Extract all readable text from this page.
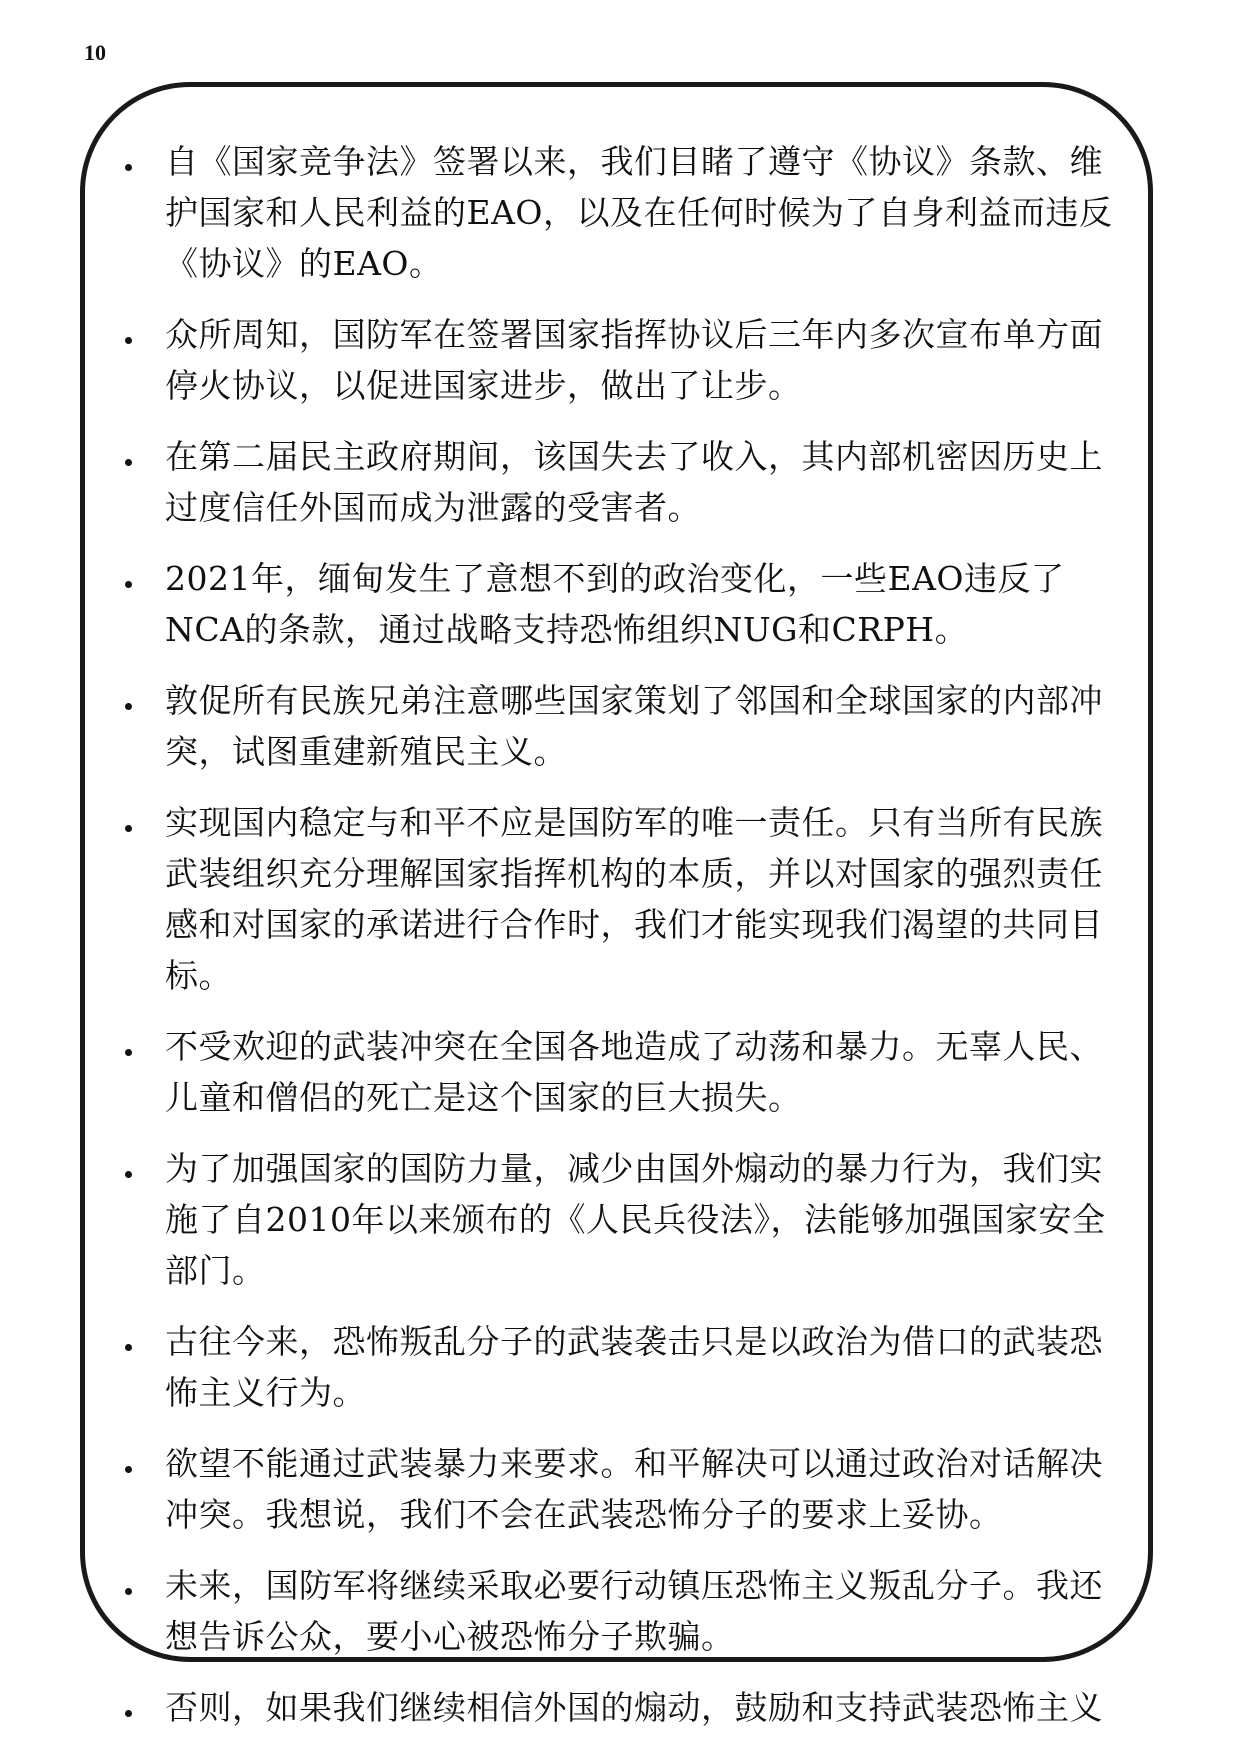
10
自《国家竞争法》签署以来，我们目睹了遵守《协议》条款、维护国家和人民利益的EAO，以及在任何时候为了自身利益而违反《协议》的EAO。
众所周知，国防军在签署国家指挥协议后三年内多次宣布单方面停火协议，以促进国家进步，做出了让步。
在第二届民主政府期间，该国失去了收入，其内部机密因历史上过度信任外国而成为泄露的受害者。
2021年，缅甸发生了意想不到的政治变化，一些EAO违反了NCA的条款，通过战略支持恐怖组织NUG和CRPH。
敦促所有民族兄弟注意哪些国家策划了邻国和全球国家的内部冲突，试图重建新殖民主义。
实现国内稳定与和平不应是国防军的唯一责任。只有当所有民族武装组织充分理解国家指挥机构的本质，并以对国家的强烈责任感和对国家的承诺进行合作时，我们才能实现我们渴望的共同目标。
不受欢迎的武装冲突在全国各地造成了动荡和暴力。无辜人民、儿童和僧侣的死亡是这个国家的巨大损失。
为了加强国家的国防力量，减少由国外煽动的暴力行为，我们实施了自2010年以来颁布的《人民兵役法》，法能够加强国家安全部门。
古往今来，恐怖叛乱分子的武装袭击只是以政治为借口的武装恐怖主义行为。
欲望不能通过武装暴力来要求。和平解决可以通过政治对话解决冲突。我想说，我们不会在武装恐怖分子的要求上妥协。
未来，国防军将继续采取必要行动镇压恐怖主义叛乱分子。我还想告诉公众，要小心被恐怖分子欺骗。
否则，如果我们继续相信外国的煽动，鼓励和支持武装恐怖主义
